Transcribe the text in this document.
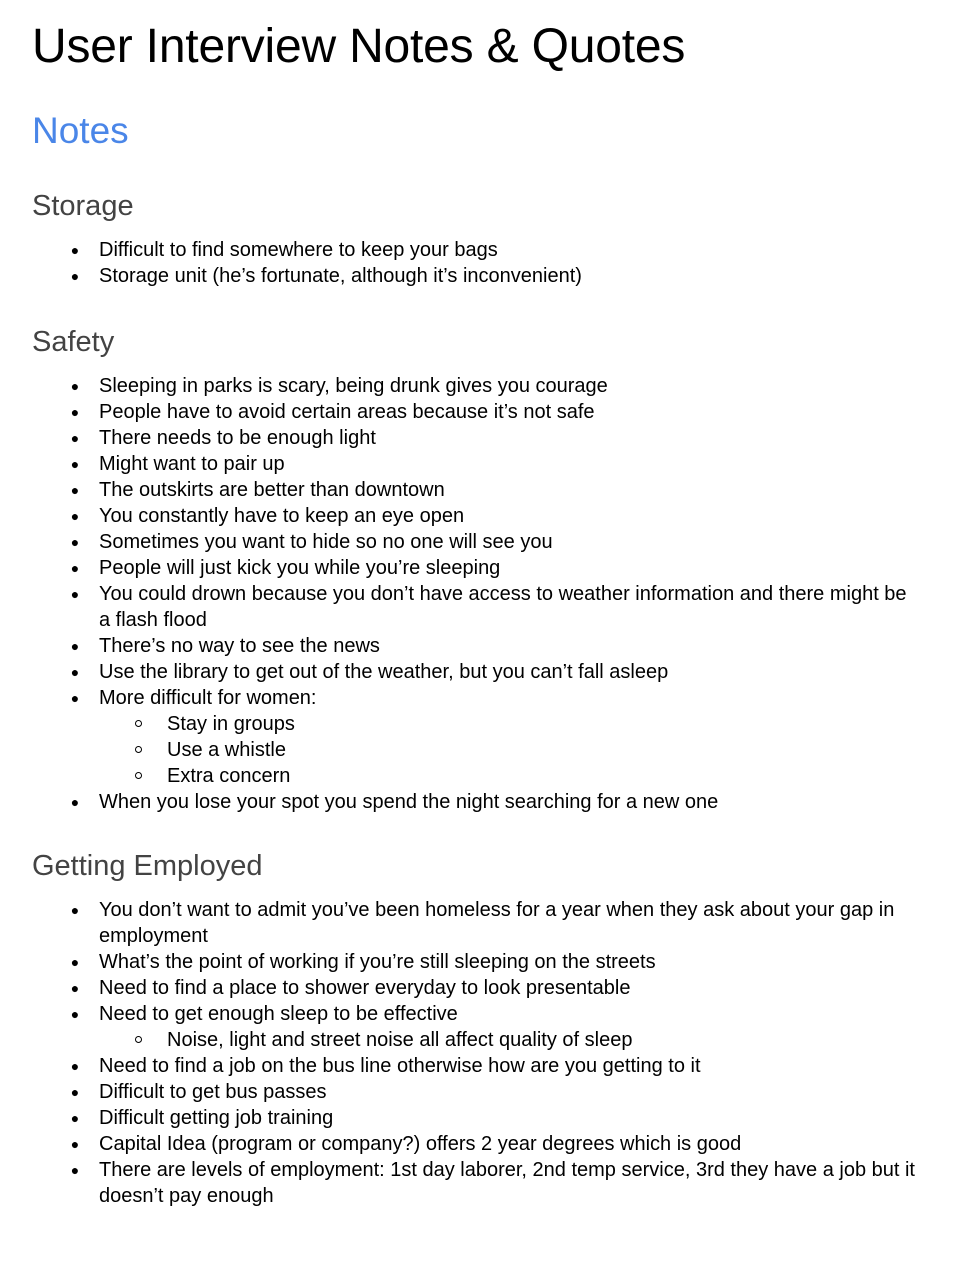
User Interview Notes & Quotes
Notes
Storage
● Difficult to find somewhere to keep your bags
● Storage unit (he’s fortunate, although it’s inconvenient)
Safety
● Sleeping in parks is scary, being drunk gives you courage
● People have to avoid certain areas because it’s not safe
● There needs to be enough light
● Might want to pair up
● The outskirts are better than downtown
● You constantly have to keep an eye open
● Sometimes you want to hide so no one will see you
● People will just kick you while you’re sleeping
● You could drown because you don’t have access to weather information and there might be a flash flood
● There’s no way to see the news
● Use the library to get out of the weather, but you can’t fall asleep
● More difficult for women:
Stay in groups
Use a whistle
Extra concern
● When you lose your spot you spend the night searching for a new one
Getting Employed
● You don’t want to admit you’ve been homeless for a year when they ask about your gap in employment
● What’s the point of working if you’re still sleeping on the streets
● Need to find a place to shower everyday to look presentable
● Need to get enough sleep to be effective
Noise, light and street noise all affect quality of sleep
● Need to find a job on the bus line otherwise how are you getting to it
● Difficult to get bus passes
● Difficult getting job training
● Capital Idea (program or company?) offers 2 year degrees which is good
● There are levels of employment: 1st day laborer, 2nd temp service, 3rd they have a job but it doesn’t pay enough
